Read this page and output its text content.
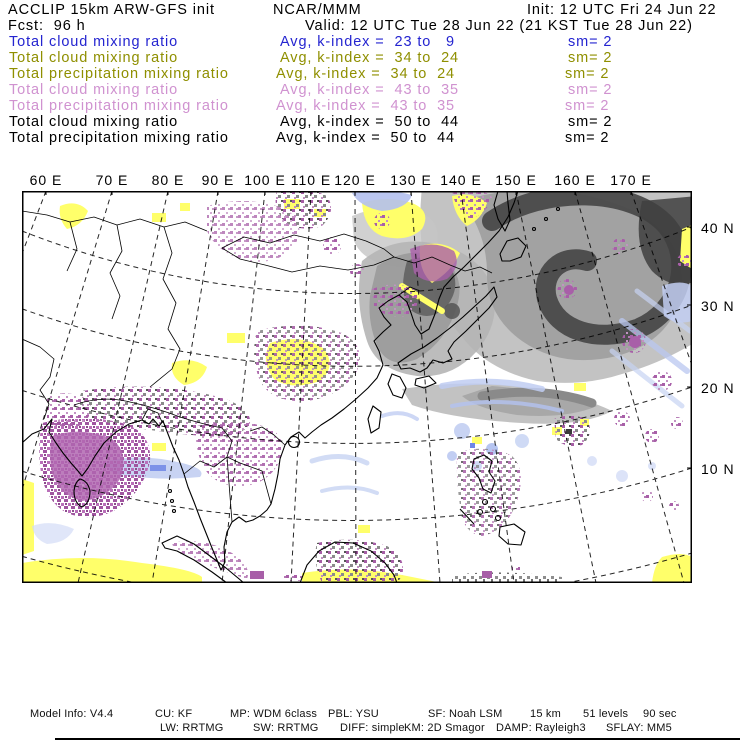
ACCLIP 15km ARW-GFS init	NCAR/MMM	Init: 12 UTC Fri 24 Jun 22
Fcst:  96 h	Valid: 12 UTC Tue 28 Jun 22 (21 KST Tue 28 Jun 22)
Total cloud mixing ratio	Avg, k-index =  23 to   9	sm= 2
Total cloud mixing ratio	Avg, k-index =  34 to  24	sm= 2
Total precipitation mixing ratio	Avg, k-index =  34 to  24	sm= 2
Total cloud mixing ratio	Avg, k-index =  43 to  35	sm= 2
Total precipitation mixing ratio	Avg, k-index =  43 to  35	sm= 2
Total cloud mixing ratio	Avg, k-index =  50 to  44	sm= 2
Total precipitation mixing ratio	Avg, k-index =  50 to  44	sm= 2
60 E	70 E	80 E	90 E 100 E 110 E 120 E 130 E 140 E 150 E 160 E 170 E
40 N
30 N
20 N
10 N
Model Info: V4.4	CU: KF	MP: WDM 6class PBL: YSU	SF: Noah LSM 15 km 51 levels 90 sec
LW: RRTMG	SW: RRTMG DIFF: simple KM: 2D Smagor DAMP: Rayleigh3 SFLAY: MM5
